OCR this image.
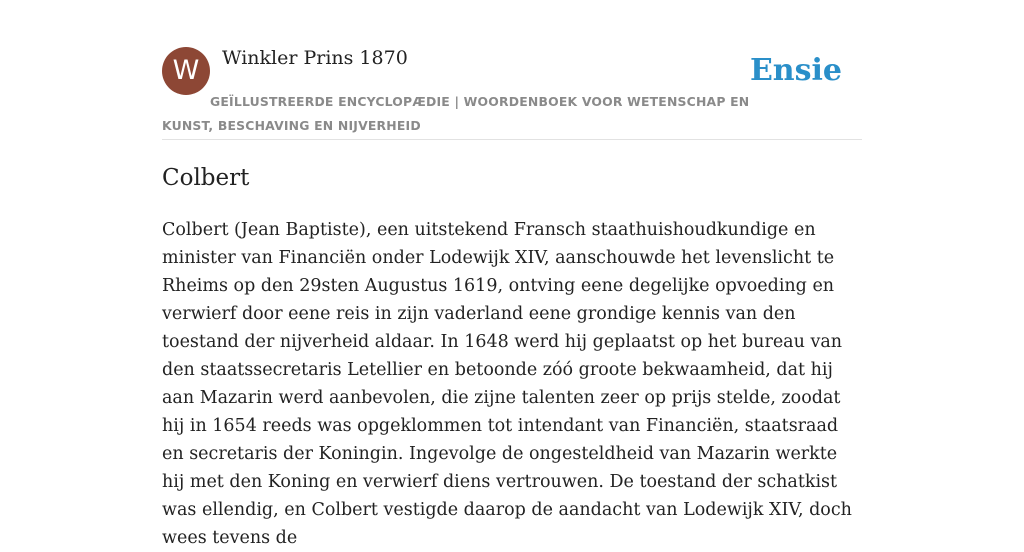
W	Winkler Prins 1870
GEÏLLUSTREERDE ENCYCLOPÆDIE | WOORDENBOEK VOOR WETENSCHAP EN KUNST, BESCHAVING EN NIJVERHEID
Ensie
Colbert

Colbert (Jean Baptiste), een uitstekend Fransch staathuishoudkundige en minister van Financiën onder Lodewijk XIV, aanschouwde het levenslicht te Rheims op den 29sten Augustus 1619, ontving eene degelijke opvoeding en verwierf door eene reis in zijn vaderland eene grondige kennis van den toestand der nijverheid aldaar. In 1648 werd hij geplaatst op het bureau van den staatssecretaris Letellier en betoonde zóó groote bekwaamheid, dat hij aan Mazarin werd aanbevolen, die zijne talenten zeer op prijs stelde, zoodat hij in 1654 reeds was opgeklommen tot intendant van Financiën, staatsraad en secretaris der Koningin. Ingevolge de ongesteldheid van Mazarin werkte hij met den Koning en verwierf diens vertrouwen. De toestand der schatkist was ellendig, en Colbert vestigde daarop de aandacht van Lodewijk XIV, doch wees tevens de
